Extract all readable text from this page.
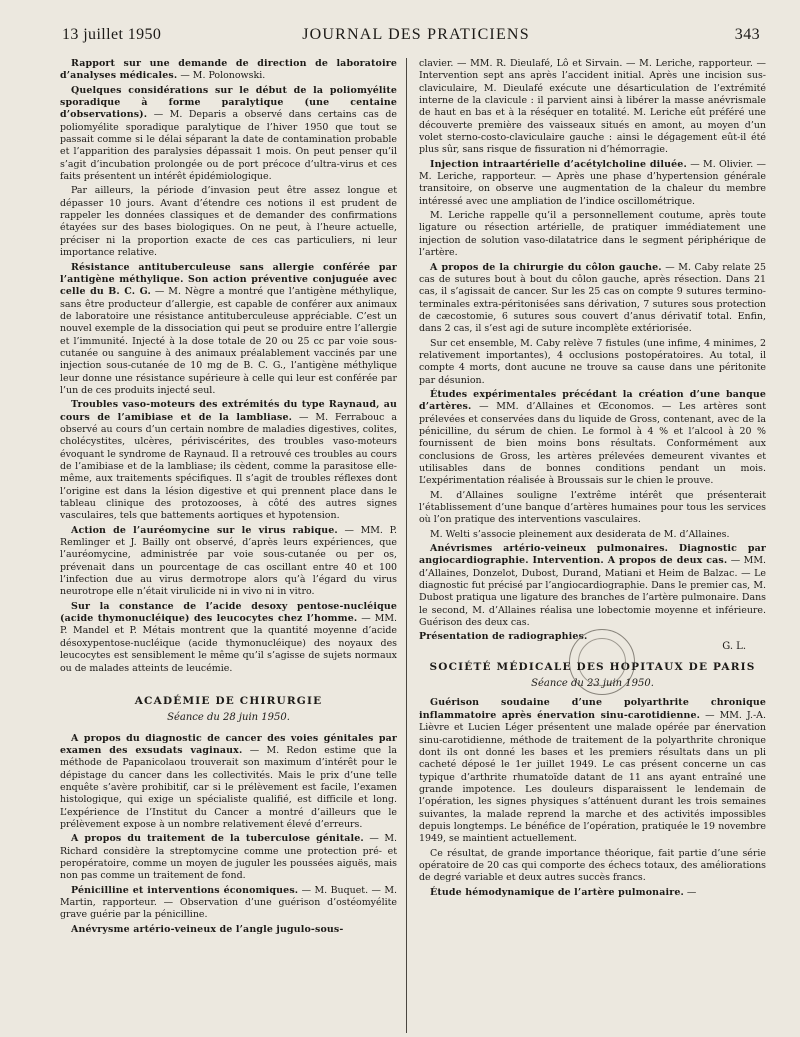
13 juillet 1950	JOURNAL DES PRATICIENS	343

Rapport sur une demande de direction de laboratoire d’analyses médicales. — M. Polonowski.

Quelques considérations sur le début de la poliomyélite sporadique à forme paralytique (une centaine d’observations). — M. Deparis a observé dans certains cas de poliomyélite sporadique paralytique de l’hiver 1950 que tout se passait comme si le délai séparant la date de contamination probable et l’apparition des paralysies dépassait 1 mois. On peut penser qu’il s’agit d’incubation prolongée ou de port précoce d’ultra-virus et ces faits présentent un intérêt épidémiologique.

Par ailleurs, la période d’invasion peut être assez longue et dépasser 10 jours. Avant d’étendre ces notions il est prudent de rappeler les données classiques et de demander des confirmations étayées sur des bases biologiques. On ne peut, à l’heure actuelle, préciser ni la proportion exacte de ces cas particuliers, ni leur importance relative.

Résistance antituberculeuse sans allergie conférée par l’antigène méthylique. Son action préventive conjuguée avec celle du B. C. G. — M. Nègre a montré que l’antigène méthylique, sans être producteur d’allergie, est capable de conférer aux animaux de laboratoire une résistance antituberculeuse appréciable. C’est un nouvel exemple de la dissociation qui peut se produire entre l’allergie et l’immunité. Injecté à la dose totale de 20 ou 25 cc par voie sous-cutanée ou sanguine à des animaux préalablement vaccinés par une injection sous-cutanée de 10 mg de B. C. G., l’antigène méthylique leur donne une résistance supérieure à celle qui leur est conférée par l’un de ces produits injecté seul.

Troubles vaso-moteurs des extrémités du type Raynaud, au cours de l’amibiase et de la lambliase. — M. Ferrabouc a observé au cours d’un certain nombre de maladies digestives, colites, cholécystites, ulcères, périviscérites, des troubles vaso-moteurs évoquant le syndrome de Raynaud. Il a retrouvé ces troubles au cours de l’amibiase et de la lambliase; ils cèdent, comme la parasitose elle-même, aux traitements spécifiques. Il s’agit de troubles réflexes dont l’origine est dans la lésion digestive et qui prennent place dans le tableau clinique des protozooses, à côté des autres signes vasculaires, tels que battements aortiques et hypotension.

Action de l’auréomycine sur le virus rabique. — MM. P. Remlinger et J. Bailly ont observé, d’après leurs expériences, que l’auréomycine, administrée par voie sous-cutanée ou per os, prévenait dans un pourcentage de cas oscillant entre 40 et 100 l’infection due au virus dermotrope alors qu’à l’égard du virus neurotrope elle n’était virulicide ni in vivo ni in vitro.

Sur la constance de l’acide desoxy pentose-nucléique (acide thymonucléique) des leucocytes chez l’homme. — MM. P. Mandel et P. Métais montrent que la quantité moyenne d’acide désoxypentose-nucléique (acide thymonucléique) des noyaux des leucocytes est sensiblement le même qu’il s’agisse de sujets normaux ou de malades atteints de leucémie.

ACADÉMIE DE CHIRURGIE
Séance du 28 juin 1950.

A propos du diagnostic de cancer des voies génitales par examen des exsudats vaginaux. — M. Redon estime que la méthode de Papanicolaou trouverait son maximum d’intérêt pour le dépistage du cancer dans les collectivités. Mais le prix d’une telle enquête s’avère prohibitif, car si le prélèvement est facile, l’examen histologique, qui exige un spécialiste qualifié, est difficile et long. L’expérience de l’Institut du Cancer a montré d’ailleurs que le prélèvement expose à un nombre relativement élevé d’erreurs.

A propos du traitement de la tuberculose génitale. — M. Richard considère la streptomycine comme une protection pré- et peropératoire, comme un moyen de juguler les poussées aiguës, mais non pas comme un traitement de fond.

Pénicilline et interventions économiques. — M. Buquet. — M. Martin, rapporteur. — Observation d’une guérison d’ostéomyélite grave guérie par la pénicilline.

Anévrysme artério-veineux de l’angle jugulo-sous-

clavier. — MM. R. Dieulafé, Lô et Sirvain. — M. Leriche, rapporteur. — Intervention sept ans après l’accident initial. Après une incision sus-claviculaire, M. Dieulafé exécute une désarticulation de l’extrémité interne de la clavicule : il parvient ainsi à libérer la masse anévrismale de haut en bas et à la réséquer en totalité. M. Leriche eût préféré une découverte première des vaisseaux situés en amont, au moyen d’un volet sterno-costo-claviculaire gauche : ainsi le dégagement eût-il été plus sûr, sans risque de fissuration ni d’hémorragie.

Injection intraartérielle d’acétylcholine diluée. — M. Olivier. — M. Leriche, rapporteur. — Après une phase d’hypertension générale transitoire, on observe une augmentation de la chaleur du membre intéressé avec une ampliation de l’indice oscillométrique.

M. Leriche rappelle qu’il a personnellement coutume, après toute ligature ou résection artérielle, de pratiquer immédiatement une injection de solution vaso-dilatatrice dans le segment périphérique de l’artère.

A propos de la chirurgie du côlon gauche. — M. Caby relate 25 cas de sutures bout à bout du côlon gauche, après résection. Dans 21 cas, il s’agissait de cancer. Sur les 25 cas on compte 9 sutures termino-terminales extra-péritonisées sans dérivation, 7 sutures sous protection de cæcostomie, 6 sutures sous couvert d’anus dérivatif total. Enfin, dans 2 cas, il s’est agi de suture incomplète extériorisée.

Sur cet ensemble, M. Caby relève 7 fistules (une infime, 4 minimes, 2 relativement importantes), 4 occlusions postopératoires. Au total, il compte 4 morts, dont aucune ne trouve sa cause dans une péritonite par désunion.

Études expérimentales précédant la création d’une banque d’artères. — MM. d’Allaines et Œconomos. — Les artères sont prélevées et conservées dans du liquide de Gross, contenant, avec de la pénicilline, du sérum de chien. Le formol à 4 % et l’alcool à 20 % fournissent de bien moins bons résultats. Conformément aux conclusions de Gross, les artères prélevées demeurent vivantes et utilisables dans de bonnes conditions pendant un mois. L’expérimentation réalisée à Broussais sur le chien le prouve.

M. d’Allaines souligne l’extrême intérêt que présenterait l’établissement d’une banque d’artères humaines pour tous les services où l’on pratique des interventions vasculaires.

M. Welti s’associe pleinement aux desiderata de M. d’Allaines.

Anévrismes artério-veineux pulmonaires. Diagnostic par angiocardiographie. Intervention. A propos de deux cas. — MM. d’Allaines, Donzelot, Dubost, Durand, Matiani et Heim de Balzac. — Le diagnostic fut précisé par l’angiocardiographie. Dans le premier cas, M. Dubost pratiqua une ligature des branches de l’artère pulmonaire. Dans le second, M. d’Allaines réalisa une lobectomie moyenne et inférieure. Guérison des deux cas.

Présentation de radiographies.

G. L.
SOCIÉTÉ MÉDICALE DES HOPITAUX DE PARIS
Séance du 23 juin 1950.

Guérison soudaine d’une polyarthrite chronique inflammatoire après énervation sinu-carotidienne. — MM. J.-A. Lièvre et Lucien Léger présentent une malade opérée par énervation sinu-carotidienne, méthode de traitement de la polyarthrite chronique dont ils ont donné les bases et les premiers résultats dans un pli cacheté déposé le 1er juillet 1949. Le cas présent concerne un cas typique d’arthrite rhumatoïde datant de 11 ans ayant entraîné une grande impotence. Les douleurs disparaissent le lendemain de l’opération, les signes physiques s’atténuent durant les trois semaines suivantes, la malade reprend la marche et des activités impossibles depuis longtemps. Le bénéfice de l’opération, pratiquée le 19 novembre 1949, se maintient actuellement.

Ce résultat, de grande importance théorique, fait partie d’une série opératoire de 20 cas qui comporte des échecs totaux, des améliorations de degré variable et deux autres succès francs.

Étude hémodynamique de l’artère pulmonaire. —
